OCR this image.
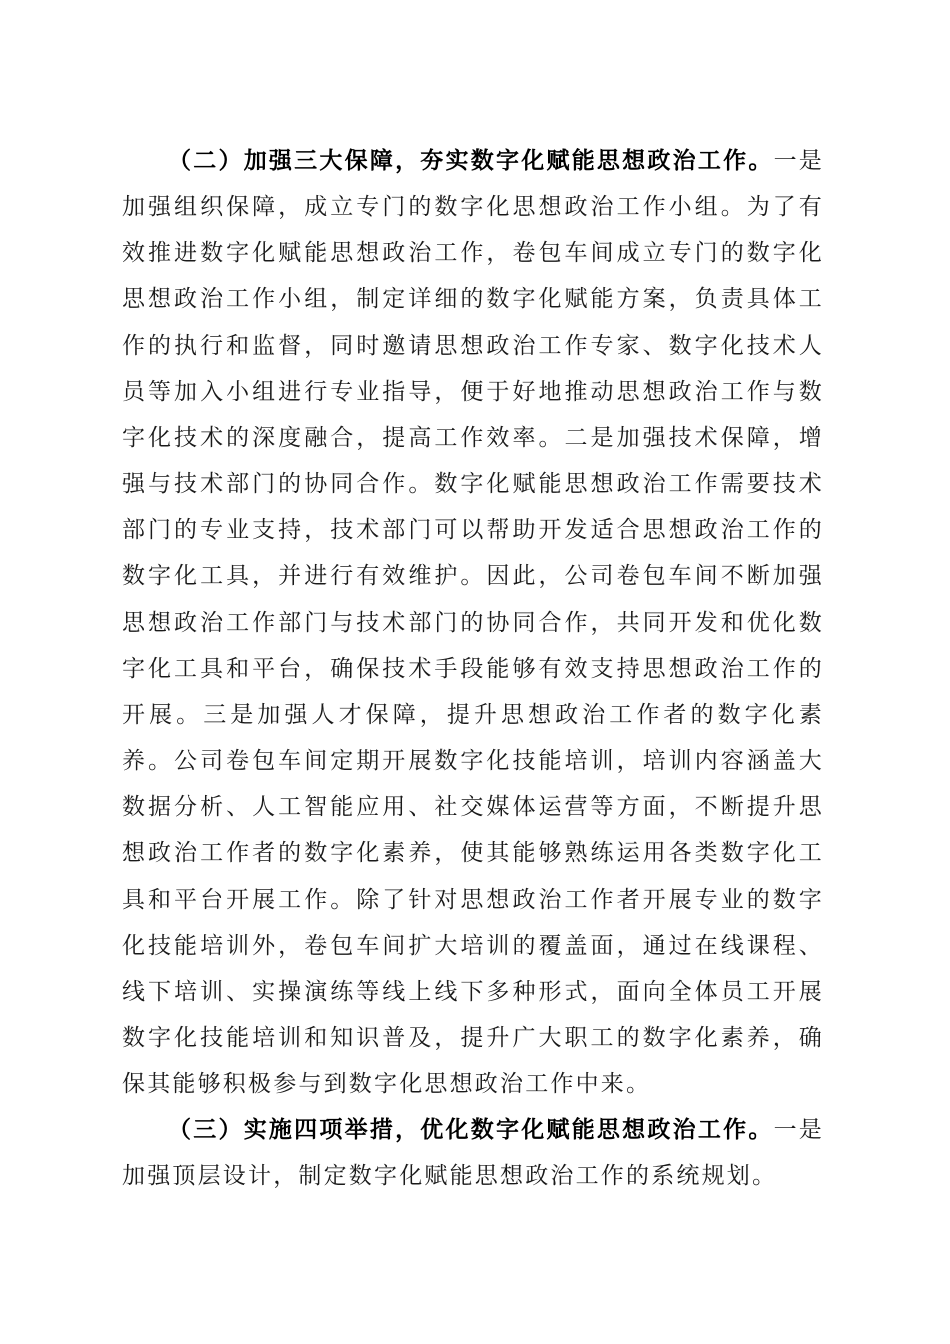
（二）加强三大保障，夯实数字化赋能思想政治工作。一是加强组织保障，成立专门的数字化思想政治工作小组。为了有效推进数字化赋能思想政治工作，卷包车间成立专门的数字化思想政治工作小组，制定详细的数字化赋能方案，负责具体工作的执行和监督，同时邀请思想政治工作专家、数字化技术人员等加入小组进行专业指导，便于好地推动思想政治工作与数字化技术的深度融合，提高工作效率。二是加强技术保障，增强与技术部门的协同合作。数字化赋能思想政治工作需要技术部门的专业支持，技术部门可以帮助开发适合思想政治工作的数字化工具，并进行有效维护。因此，公司卷包车间不断加强思想政治工作部门与技术部门的协同合作，共同开发和优化数字化工具和平台，确保技术手段能够有效支持思想政治工作的开展。三是加强人才保障，提升思想政治工作者的数字化素养。公司卷包车间定期开展数字化技能培训，培训内容涵盖大数据分析、人工智能应用、社交媒体运营等方面，不断提升思想政治工作者的数字化素养，使其能够熟练运用各类数字化工具和平台开展工作。除了针对思想政治工作者开展专业的数字化技能培训外，卷包车间扩大培训的覆盖面，通过在线课程、线下培训、实操演练等线上线下多种形式，面向全体员工开展数字化技能培训和知识普及，提升广大职工的数字化素养，确保其能够积极参与到数字化思想政治工作中来。

（三）实施四项举措，优化数字化赋能思想政治工作。一是加强顶层设计，制定数字化赋能思想政治工作的系统规划。
